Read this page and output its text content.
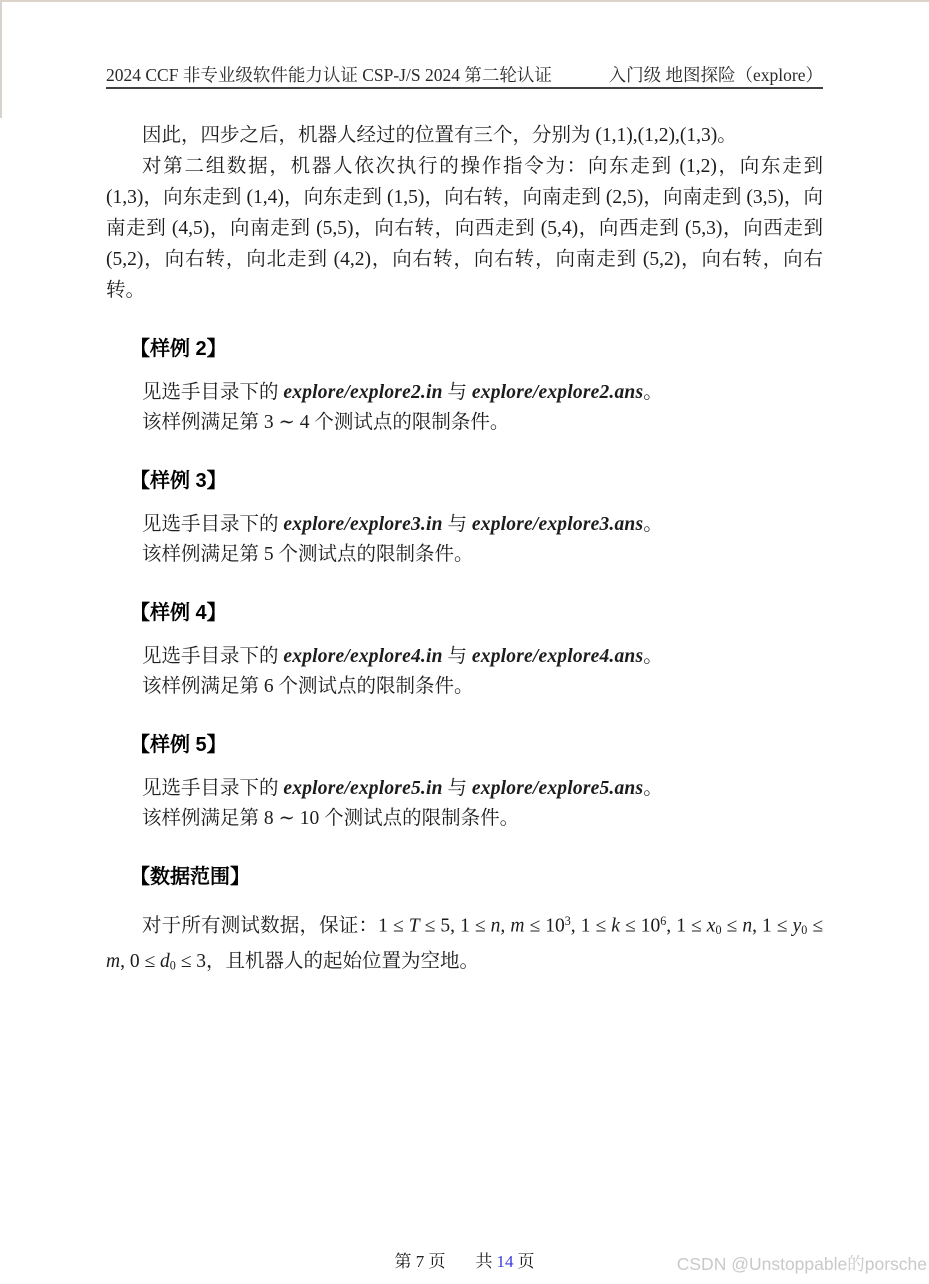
2024 CCF 非专业级软件能力认证 CSP-J/S 2024 第二轮认证	入门级 地图探险（explore）

因此，四步之后，机器人经过的位置有三个，分别为 (1,1),(1,2),(1,3)。

对第二组数据，机器人依次执行的操作指令为：向东走到 (1,2)，向东走到 (1,3)，向东走到 (1,4)，向东走到 (1,5)，向右转，向南走到 (2,5)，向南走到 (3,5)，向南走到 (4,5)，向南走到 (5,5)，向右转，向西走到 (5,4)，向西走到 (5,3)，向西走到 (5,2)，向右转，向北走到 (4,2)，向右转，向右转，向南走到 (5,2)，向右转，向右转。

【样例 2】

见选手目录下的 explore/explore2.in 与 explore/explore2.ans。

该样例满足第 3 ∼ 4 个测试点的限制条件。

【样例 3】

见选手目录下的 explore/explore3.in 与 explore/explore3.ans。

该样例满足第 5 个测试点的限制条件。

【样例 4】

见选手目录下的 explore/explore4.in 与 explore/explore4.ans。

该样例满足第 6 个测试点的限制条件。

【样例 5】

见选手目录下的 explore/explore5.in 与 explore/explore5.ans。

该样例满足第 8 ∼ 10 个测试点的限制条件。

【数据范围】

对于所有测试数据，保证：1 ≤ T ≤ 5, 1 ≤ n, $m \le 10^3$, $1 \le k \le 10^6$, $1 \le x_0 \le n$, $1 \le y_0 \le m$, $0 \le d_0 \le 3$，且机器人的起始位置为空地。

第 7 页 共 14 页	CSDN @Unstoppable的porsche
